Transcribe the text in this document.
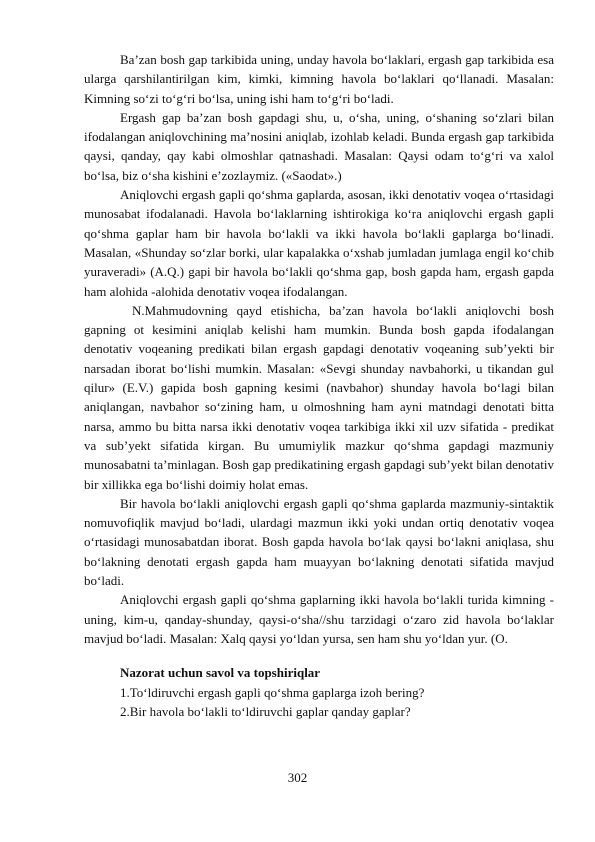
Ba’zan bosh gap tarkibida uning, unday havola bo‘laklari, ergash gap tarkibida esa ularga qarshilantirilgan kim, kimki, kimning havola bo‘laklari qo‘llanadi. Masalan: Kimning so‘zi to‘g‘ri bo‘lsa, uning ishi ham to‘g‘ri bo‘ladi.

Ergash gap ba’zan bosh gapdagi shu, u, o‘sha, uning, o‘shaning so‘zlari bilan ifodalangan aniqlovchining ma’nosini aniqlab, izohlab keladi. Bunda ergash gap tarkibida qaysi, qanday, qay kabi olmoshlar qatnashadi. Masalan: Qaysi odam to‘g‘ri va xalol bo‘lsa, biz o‘sha kishini e’zozlaymiz. («Saodat».)

Aniqlovchi ergash gapli qo‘shma gaplarda, asosan, ikki denotativ voqea o‘rtasidagi munosabat ifodalanadi. Havola bo‘laklarning ishtirokiga ko‘ra aniqlovchi ergash gapli qo‘shma gaplar ham bir havola bo‘lakli va ikki havola bo‘lakli gaplarga bo‘linadi. Masalan, «Shunday so‘zlar borki, ular kapalakka o‘xshab jumladan jumlaga engil ko‘chib yuraveradi» (A.Q.) gapi bir havola bo‘lakli qo‘shma gap, bosh gapda ham, ergash gapda ham alohida -alohida denotativ voqea ifodalangan.

N.Mahmudovning qayd etishicha, ba’zan havola bo‘lakli aniqlovchi bosh gapning ot kesimini aniqlab kelishi ham mumkin. Bunda bosh gapda ifodalangan denotativ voqeaning predikati bilan ergash gapdagi denotativ voqeaning sub’yekti bir narsadan iborat bo‘lishi mumkin. Masalan: «Sevgi shunday navbahorki, u tikandan gul qilur» (E.V.) gapida bosh gapning kesimi (navbahor) shunday havola bo‘lagi bilan aniqlangan, navbahor so‘zining ham, u olmoshning ham ayni matndagi denotati bitta narsa, ammo bu bitta narsa ikki denotativ voqea tarkibiga ikki xil uzv sifatida - predikat va sub’yekt sifatida kirgan. Bu umumiylik mazkur qo‘shma gapdagi mazmuniy munosabatni ta’minlagan. Bosh gap predikatining ergash gapdagi sub’yekt bilan denotativ bir xillikka ega bo‘lishi doimiy holat emas.

Bir havola bo‘lakli aniqlovchi ergash gapli qo‘shma gaplarda mazmuniy-sintaktik nomuvofiqlik mavjud bo‘ladi, ulardagi mazmun ikki yoki undan ortiq denotativ voqea o‘rtasidagi munosabatdan iborat. Bosh gapda havola bo‘lak qaysi bo‘lakni aniqlasa, shu bo‘lakning denotati ergash gapda ham muayyan bo‘lakning denotati sifatida mavjud bo‘ladi.

Aniqlovchi ergash gapli qo‘shma gaplarning ikki havola bo‘lakli turida kimning -uning, kim-u, qanday-shunday, qaysi-o‘sha//shu tarzidagi o‘zaro zid havola bo‘laklar mavjud bo‘ladi. Masalan: Xalq qaysi yo‘ldan yursa, sen ham shu yo‘ldan yur. (O.

Nazorat uchun savol va topshiriqlar

1.To‘ldiruvchi ergash gapli qo‘shma gaplarga izoh bering?

2.Bir havola bo‘lakli to‘ldiruvchi gaplar qanday gaplar?

302
